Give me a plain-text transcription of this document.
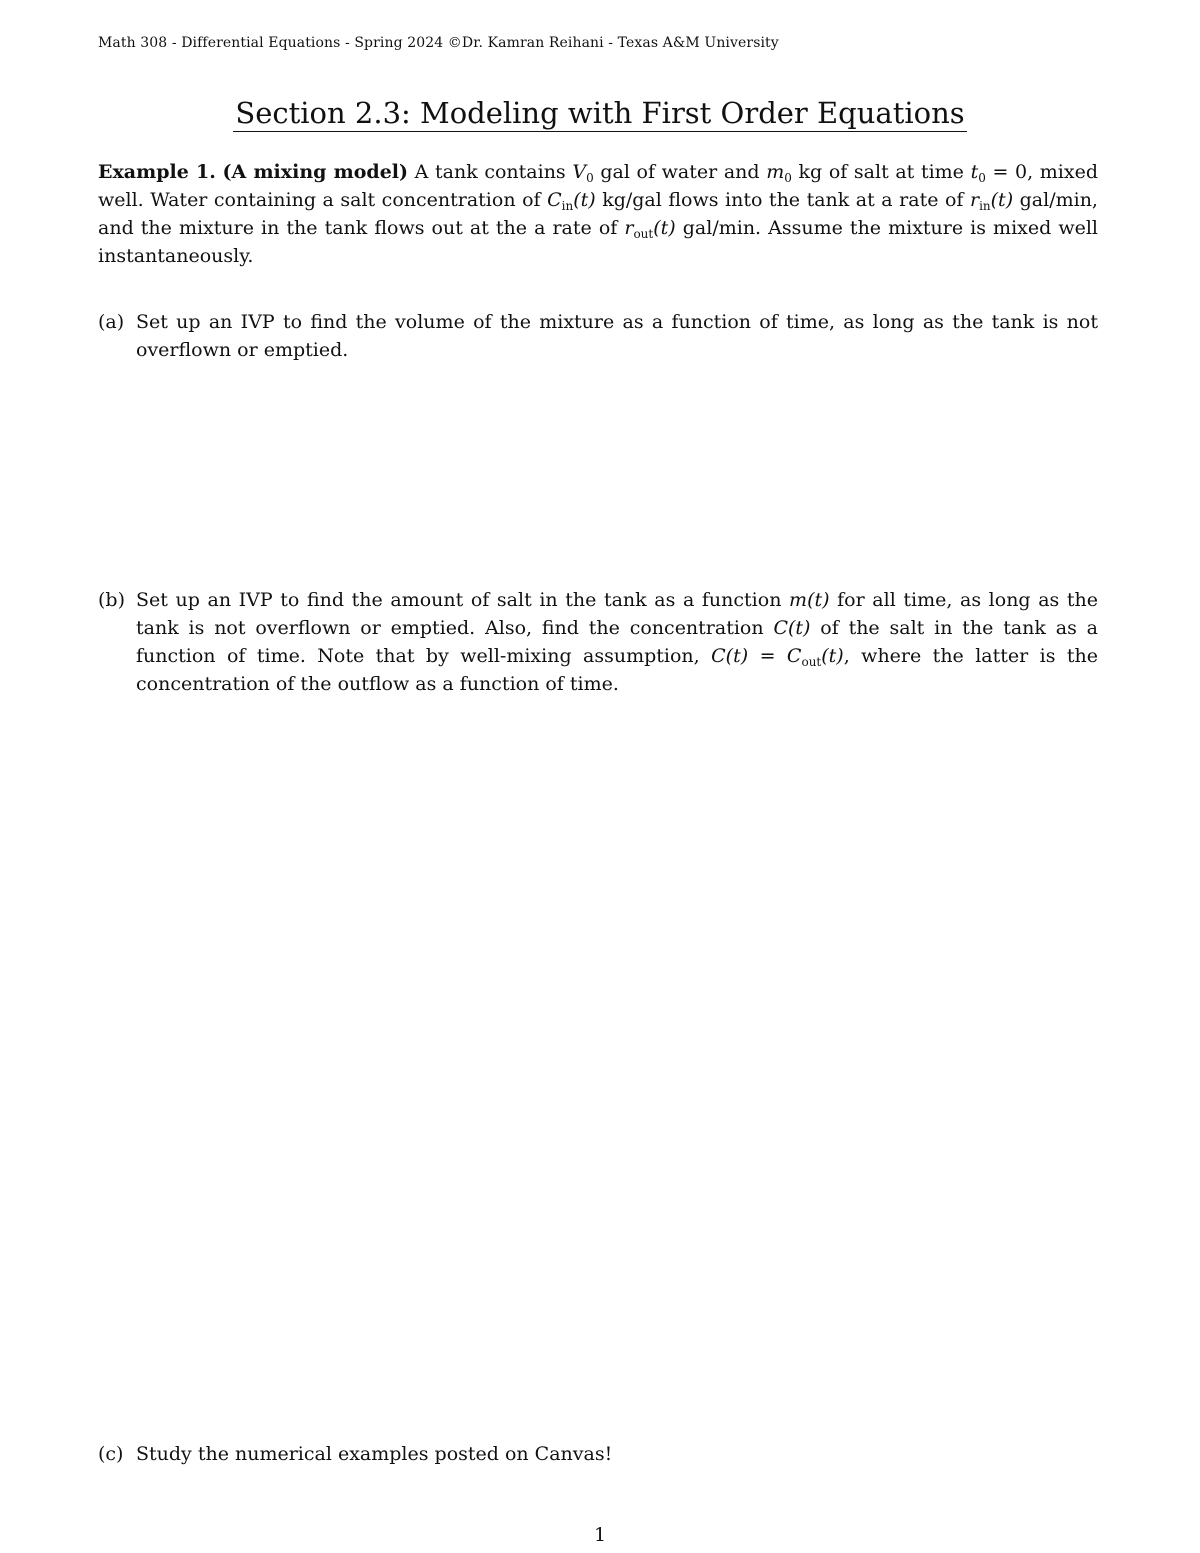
Math 308 - Differential Equations - Spring 2024 ©Dr. Kamran Reihani - Texas A&M University
Section 2.3: Modeling with First Order Equations

Example 1. (A mixing model) A tank contains $V_0$ gal of water and $m_0$ kg of salt at time $t_0 = 0$, mixed well. Water containing a salt concentration of $C_{in}(t)$ kg/gal flows into the tank at a rate of $r_{in}(t)$ gal/min, and the mixture in the tank flows out at the a rate of $r_{out}(t)$ gal/min. Assume the mixture is mixed well instantaneously.

(a) Set up an IVP to find the volume of the mixture as a function of time, as long as the tank is not overflown or emptied.
(b) Set up an IVP to find the amount of salt in the tank as a function m(t) for all time, as long as the tank is not overflown or emptied. Also, find the concentration C(t) of the salt in the tank as a function of time. Note that by well-mixing assumption, $C(t) = C_{out}(t)$, where the latter is the concentration of the outflow as a function of time.
(c) Study the numerical examples posted on Canvas!
1
